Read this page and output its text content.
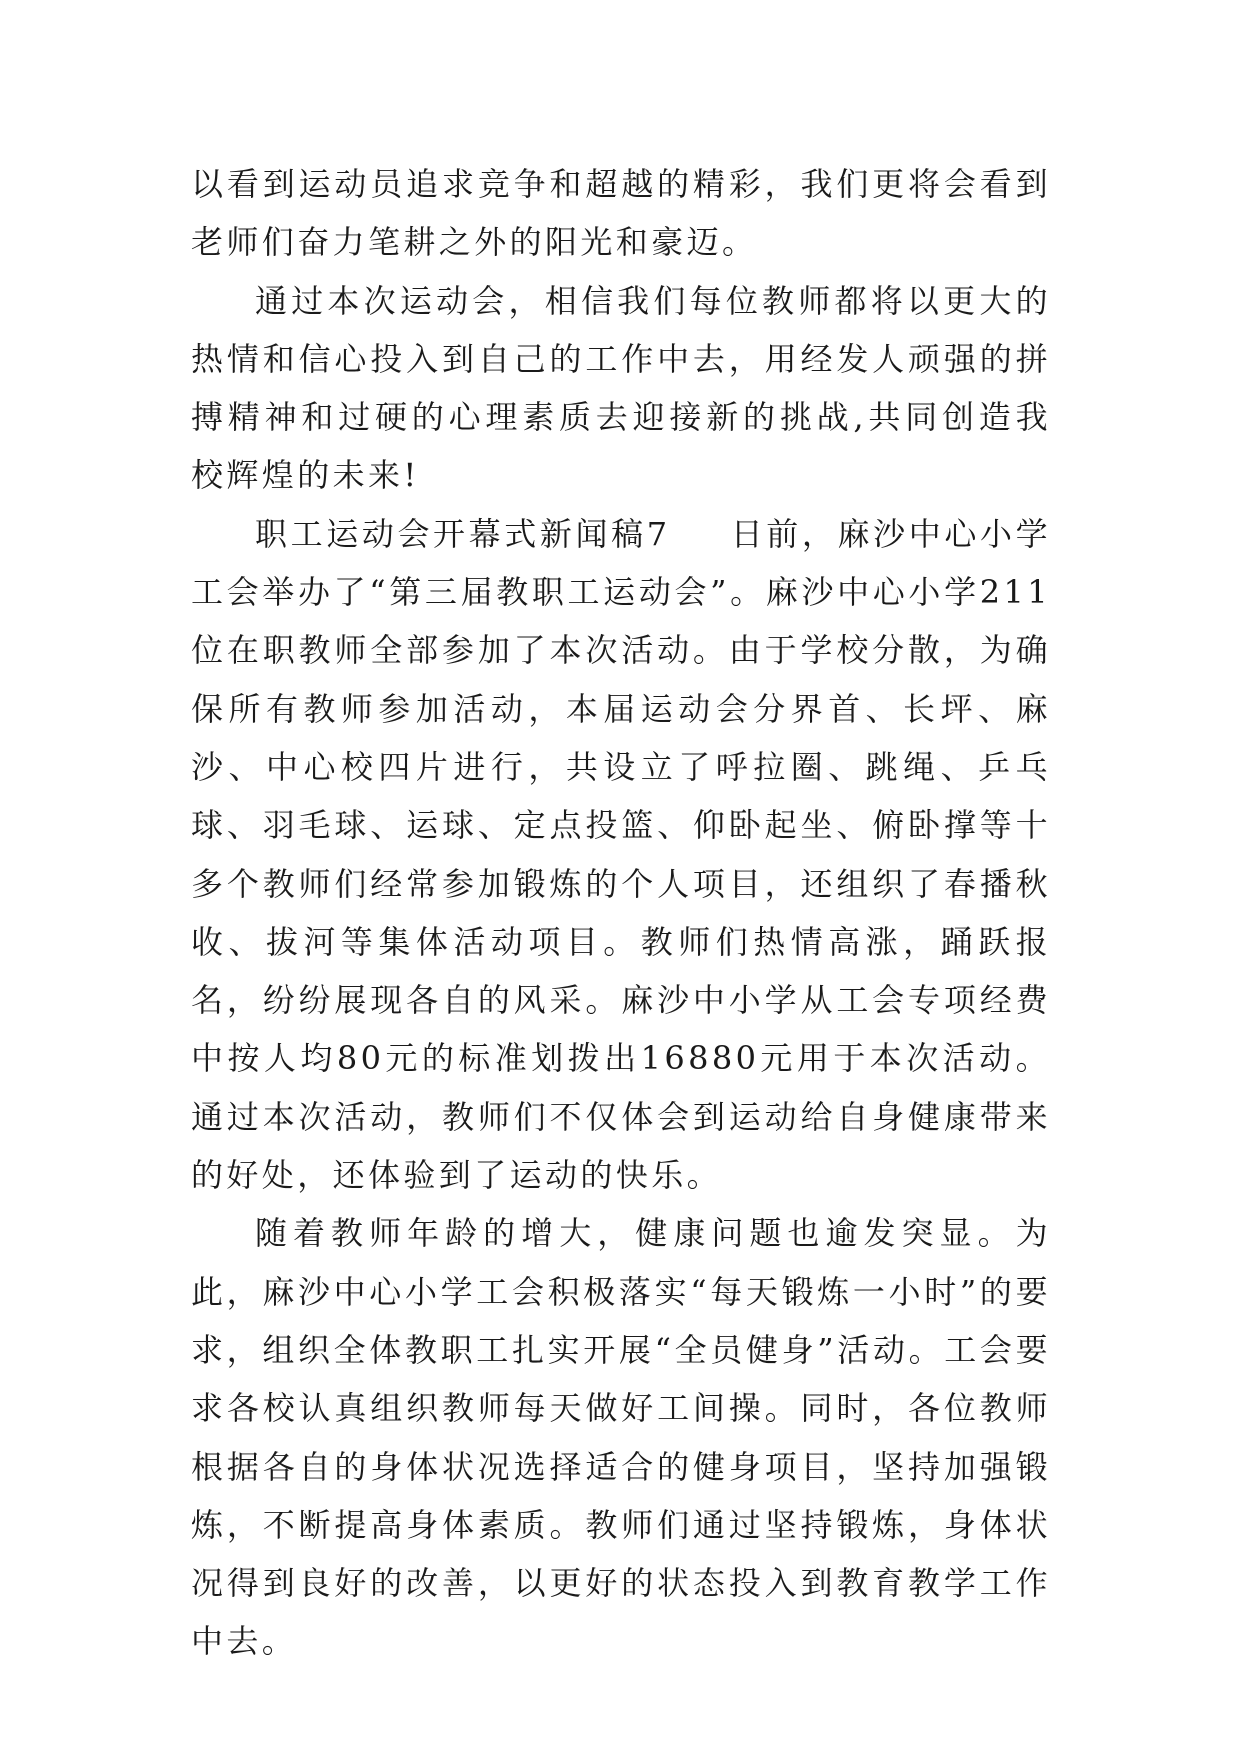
以看到运动员追求竞争和超越的精彩，我们更将会看到老师们奋力笔耕之外的阳光和豪迈。

通过本次运动会，相信我们每位教师都将以更大的热情和信心投入到自己的工作中去，用经发人顽强的拼搏精神和过硬的心理素质去迎接新的挑战,共同创造我校辉煌的未来!

职工运动会开幕式新闻稿7 日前，麻沙中心小学工会举办了“第三届教职工运动会”。麻沙中心小学211位在职教师全部参加了本次活动。由于学校分散，为确保所有教师参加活动，本届运动会分界首、长坪、麻沙、中心校四片进行，共设立了呼拉圈、跳绳、乒乓球、羽毛球、运球、定点投篮、仰卧起坐、俯卧撑等十多个教师们经常参加锻炼的个人项目，还组织了春播秋收、拔河等集体活动项目。教师们热情高涨，踊跃报名，纷纷展现各自的风采。麻沙中小学从工会专项经费中按人均80元的标准划拨出16880元用于本次活动。通过本次活动，教师们不仅体会到运动给自身健康带来的好处，还体验到了运动的快乐。

随着教师年龄的增大，健康问题也逾发突显。为此，麻沙中心小学工会积极落实“每天锻炼一小时”的要求，组织全体教职工扎实开展“全员健身”活动。工会要求各校认真组织教师每天做好工间操。同时，各位教师根据各自的身体状况选择适合的健身项目，坚持加强锻炼，不断提高身体素质。教师们通过坚持锻炼，身体状况得到良好的改善，以更好的状态投入到教育教学工作中去。
